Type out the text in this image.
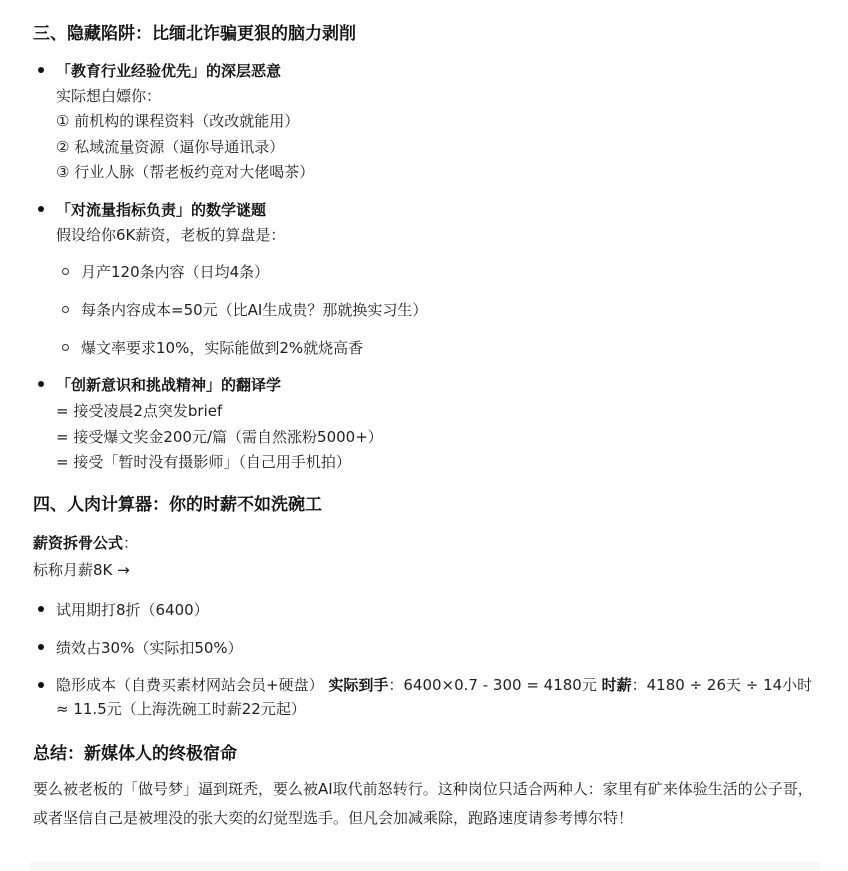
三、隐藏陷阱：比缅北诈骗更狠的脑力剥削
「教育行业经验优先」的深层恶意
实际想白嫖你：
① 前机构的课程资料（改改就能用）
② 私域流量资源（逼你导通讯录）
③ 行业人脉（帮老板约竞对大佬喝茶）
「对流量指标负责」的数学谜题
假设给你6K薪资，老板的算盘是：
月产120条内容（日均4条）
每条内容成本=50元（比AI生成贵？那就换实习生）
爆文率要求10%，实际能做到2%就烧高香
「创新意识和挑战精神」的翻译学
= 接受凌晨2点突发brief
= 接受爆文奖金200元/篇（需自然涨粉5000+）
= 接受「暂时没有摄影师」（自己用手机拍）
四、人肉计算器：你的时薪不如洗碗工
薪资拆骨公式：
标称月薪8K →
试用期打8折（6400）
绩效占30%（实际扣50%）
隐形成本（自费买素材网站会员+硬盘） 实际到手：6400×0.7 - 300 = 4180元 时薪：4180 ÷ 26天 ÷ 14小时 ≈ 11.5元（上海洗碗工时薪22元起）
总结：新媒体人的终极宿命
要么被老板的「做号梦」逼到斑秃，要么被AI取代前怒转行。这种岗位只适合两种人：家里有矿来体验生活的公子哥，或者坚信自己是被埋没的张大奕的幻觉型选手。但凡会加减乘除，跑路速度请参考博尔特！
